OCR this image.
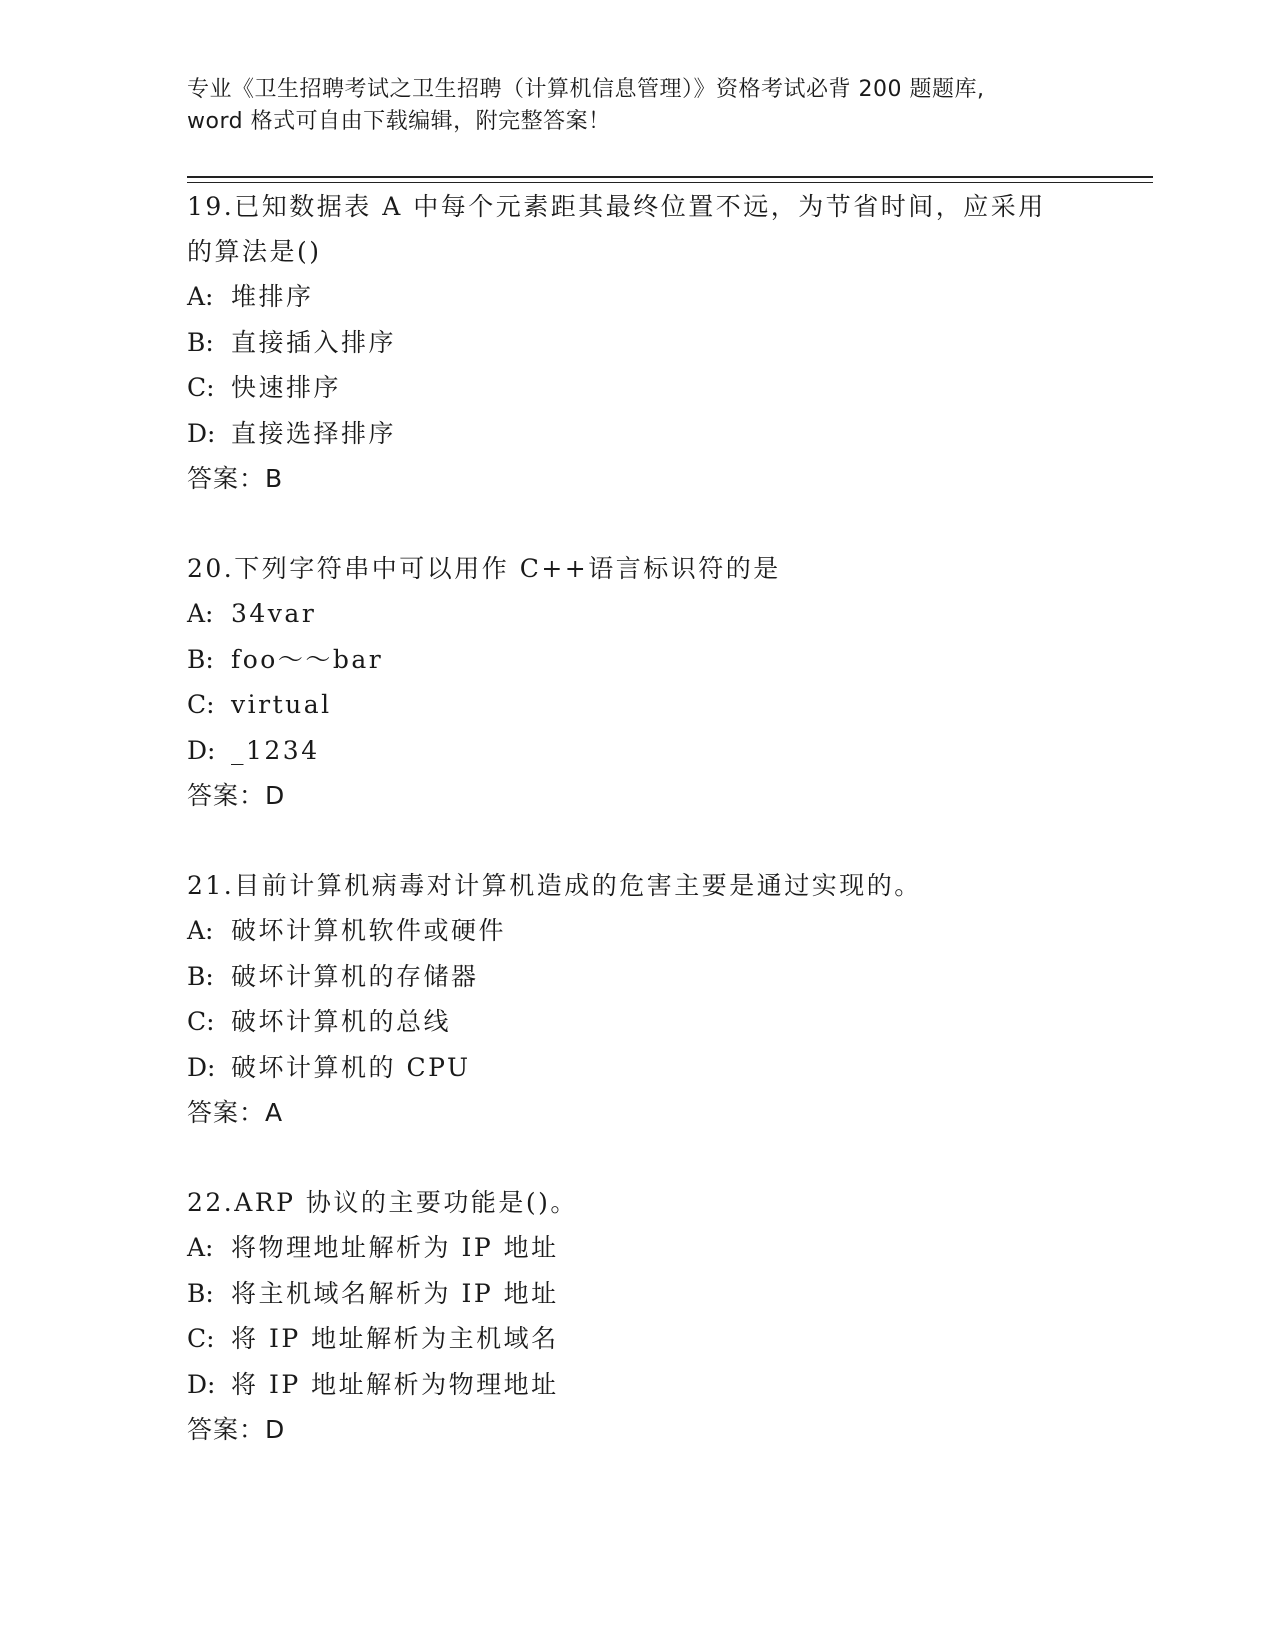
专业《卫生招聘考试之卫生招聘（计算机信息管理）》资格考试必背 200 题题库,
word 格式可自由下载编辑，附完整答案！
19.已知数据表 A 中每个元素距其最终位置不远，为节省时间，应采用
的算法是()
A: 堆排序
B: 直接插入排序
C: 快速排序
D: 直接选择排序
答案：B
20.下列字符串中可以用作 C++语言标识符的是
A: 34var
B: foo～～bar
C: virtual
D: _1234
答案：D
21.目前计算机病毒对计算机造成的危害主要是通过实现的。
A: 破坏计算机软件或硬件
B: 破坏计算机的存储器
C: 破坏计算机的总线
D: 破坏计算机的 CPU
答案：A
22.ARP 协议的主要功能是()。
A: 将物理地址解析为 IP 地址
B: 将主机域名解析为 IP 地址
C: 将 IP 地址解析为主机域名
D: 将 IP 地址解析为物理地址
答案：D
